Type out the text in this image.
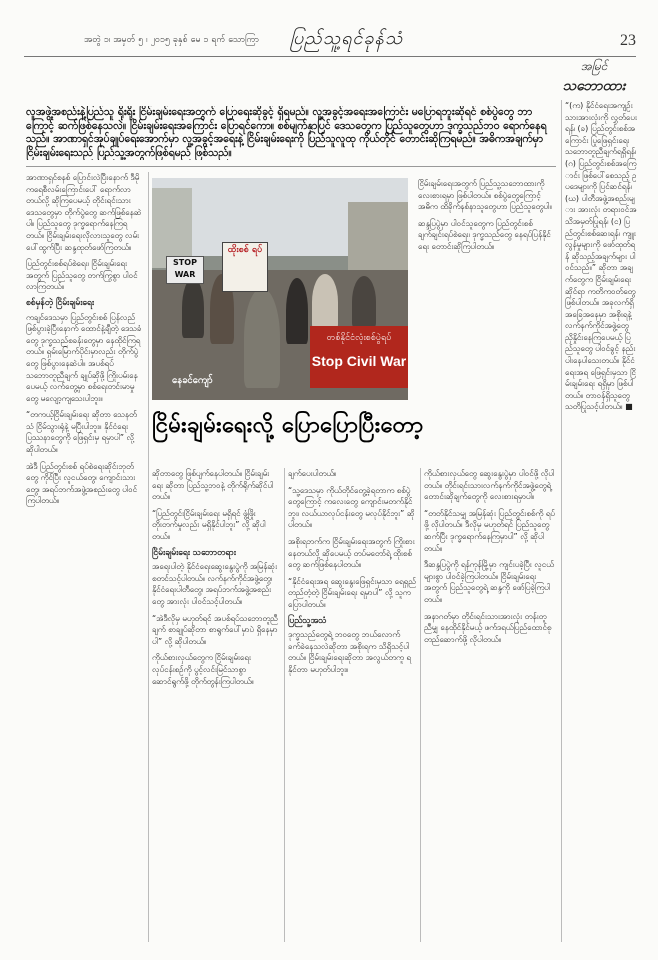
အတွဲ ၁၊ အမှတ် ၅ ၊ ၂၀၁၅ ခုနှစ် မေ ၁ ရက် သောကြာ ပြည်သူ့ရင်ခုန်သံ	23
အမြင်
သဘောထား
လူအဖွဲ့အစည်းနဲ့ပြည်သူ ရိုးရိုး ငြိမ်းချမ်းရေးအတွက် ပြောရေးဆိုခွင့် ရှိရမည်။ လူ့အခွင့်အရေးအကြောင်း မပြောရဘူးဆိုရင် စစ်ပွဲတွေ ဘာကြောင့် ဆက်ဖြစ်နေသလဲ။ ငြိမ်းချမ်းရေးအကြောင်း ပြောရင်ကော။ စစ်မျက်နှာပြင် ဒေသတွေက ပြည်သူတွေဟာ ဒုက္ခသည်ဘဝ ရောက်နေရသည်။ အာဏာရှင်အုပ်ချုပ်ရေးအောက်မှာ လူ့အခွင့်အရေးနဲ့ ငြိမ်းချမ်းရေးကို ပြည်သူလူထု ကိုယ်တိုင် တောင်းဆိုကြရမည်။ အဓိကအချက်မှာ ငြိမ်းချမ်းရေးသည် ပြည်သူ့အတွက်ဖြစ်ရမည် ဖြစ်သည်။

အာဏာရှင်စနစ် ပြောင်းလဲပြီးနောက် ဒီမိုကရေစီလမ်းကြောင်းပေါ် ရောက်လာတယ်လို့ ဆိုကြပေမယ့် တိုင်းရင်းသားဒေသတွေမှာ တိုက်ပွဲတွေ ဆက်ဖြစ်နေဆဲပါ။ ပြည်သူတွေ ဒုက္ခရောက်နေကြရတယ်။ ငြိမ်းချမ်းရေးလိုလားသူတွေ လမ်းပေါ်ထွက်ပြီး ဆန္ဒထုတ်ဖော်ကြတယ်။

ပြည်တွင်းစစ်ရပ်စဲရေး၊ ငြိမ်းချမ်းရေးအတွက် ပြည်သူတွေ တက်ကြွစွာ ပါဝင်လာကြတယ်။

စစ်မှန်တဲ့ ငြိမ်းချမ်းရေး

ကချင်ဒေသမှာ ပြည်တွင်းစစ် ပြန်လည်ဖြစ်ပွားခဲ့ပြီးနောက် ထောင်နဲ့ချီတဲ့ ဒေသခံတွေ ဒုက္ခသည်စခန်းတွေမှာ နေထိုင်ကြရတယ်။ ရှမ်းမြောက်ပိုင်းမှာလည်း တိုက်ပွဲတွေ ဖြစ်ပွားနေဆဲပါ။ အပစ်ရပ်သဘောတူညီချက် ချုပ်ဆိုဖို့ ကြိုးပမ်းနေပေမယ့် လက်တွေ့မှာ စစ်ရေးတင်းမာမှုတွေ မလျော့ကျသေးပါဘူး။

“တကယ့်ငြိမ်းချမ်းရေး ဆိုတာ သေနတ်သံ ငြိမ်သွားရုံနဲ့ မပြီးပါဘူး။ နိုင်ငံရေးပြဿနာတွေကို ဖြေရှင်းမှ ရမှာပါ” လို့ ဆိုပါတယ်။

အဲဒီ ပြည်တွင်းစစ် ရပ်စဲရေးဆိုင်းဘုတ်တွေ ကိုင်ပြီး လူငယ်တွေ၊ ကျောင်းသားတွေ၊ အရပ်ဘက်အဖွဲ့အစည်းတွေ ပါဝင်ကြပါတယ်။

ထိုးစစ် ရပ်
STOP WAR
တစ်နိုင်ငံလုံးစစ်ပွဲရပ်
Stop Civil War
နေခင်ကျော်

ငြိမ်းချမ်းရေးအတွက် ပြည်သူ့သဘောထားကို လေးစားရမှာ ဖြစ်ပါတယ်။ စစ်ပွဲတွေကြောင့် အဓိက ထိခိုက်နစ်နာသူတွေဟာ ပြည်သူတွေပါ။

ဆန္ဒပြပွဲမှာ ပါဝင်သူတွေက ပြည်တွင်းစစ် ချက်ချင်းရပ်စဲရေး၊ ဒုက္ခသည်တွေ နေရပ်ပြန်နိုင်ရေး တောင်းဆိုကြပါတယ်။

ငြိမ်းချမ်းရေးလို့ ပြောပြောပြီးတော့

ဆိုတာတွေ ဖြစ်ပျက်နေပါတယ်။ ငြိမ်းချမ်းရေး ဆိုတာ ပြည်သူ့ဘဝနဲ့ တိုက်ရိုက်ဆိုင်ပါတယ်။

“ပြည်တွင်းငြိမ်းချမ်းရေး မရှိရင် ဖွံ့ဖြိုးတိုးတက်မှုလည်း မရှိနိုင်ပါဘူး” လို့ ဆိုပါတယ်။

ငြိမ်းချမ်းရေး သဘောတရား

အရေးပါတဲ့ နိုင်ငံရေးဆွေးနွေးပွဲကို အမြန်ဆုံး စတင်သင့်ပါတယ်။ လက်နက်ကိုင်အဖွဲ့တွေ၊ နိုင်ငံရေးပါတီတွေ၊ အရပ်ဘက်အဖွဲ့အစည်းတွေ အားလုံး ပါဝင်သင့်ပါတယ်။

“အဲဒီလိုမှ မဟုတ်ရင် အပစ်ရပ်သဘောတူညီချက် စာချုပ်ဆိုတာ စာရွက်ပေါ်မှာပဲ ရှိနေမှာပါ” လို့ ဆိုပါတယ်။

ကိုယ်စားလှယ်တွေက ငြိမ်းချမ်းရေးလုပ်ငန်းစဉ်ကို ပွင့်လင်းမြင်သာစွာ ဆောင်ရွက်ဖို့ တိုက်တွန်းကြပါတယ်။

ချက်ပေးပါတယ်။

“သူ့ဒေသမှာ ကိုယ်တိုင်တွေ့ခဲ့ရတာက စစ်ပွဲတွေကြောင့် ကလေးတွေ ကျောင်းမတက်နိုင်ဘူး၊ လယ်ယာလုပ်ငန်းတွေ မလုပ်နိုင်ဘူး” ဆိုပါတယ်။

အစိုးရဘက်က ငြိမ်းချမ်းရေးအတွက် ကြိုးစားနေတယ်လို့ ဆိုပေမယ့် တပ်မတော်ရဲ့ ထိုးစစ်တွေ ဆက်ဖြစ်နေပါတယ်။

“နိုင်ငံရေးအရ ဆွေးနွေးဖြေရှင်းမှသာ ရေရှည်တည်တံ့တဲ့ ငြိမ်းချမ်းရေး ရမှာပါ” လို့ သူက ပြောပါတယ်။

ပြည်သူ့အသံ

ဒုက္ခသည်တွေရဲ့ ဘဝတွေ ဘယ်လောက်ခက်ခဲနေသလဲဆိုတာ အစိုးရက သိရှိသင့်ပါတယ်။ ငြိမ်းချမ်းရေးဆိုတာ အလွယ်တကူ ရနိုင်တာ မဟုတ်ပါဘူး။

ကိုယ်စားလှယ်တွေ ဆွေးနွေးပွဲမှာ ပါဝင်ဖို့ လိုပါတယ်။ တိုင်းရင်းသားလက်နက်ကိုင်အဖွဲ့တွေရဲ့ တောင်းဆိုချက်တွေကို လေးစားရမှာပါ။

“တတ်နိုင်သမျှ အမြန်ဆုံး ပြည်တွင်းစစ်ကို ရပ်ဖို့ လိုပါတယ်။ ဒီလိုမှ မဟုတ်ရင် ပြည်သူတွေ ဆက်ပြီး ဒုက္ခရောက်နေကြမှာပါ” လို့ ဆိုပါတယ်။

ဒီဆန္ဒပြပွဲကို ရန်ကုန်မြို့မှာ ကျင်းပခဲ့ပြီး လူငယ်များစွာ ပါဝင်ခဲ့ကြပါတယ်။ ငြိမ်းချမ်းရေးအတွက် ပြည်သူတွေရဲ့ ဆန္ဒကို ဖော်ပြခဲ့ကြပါတယ်။

အနာဂတ်မှာ တိုင်းရင်းသားအားလုံး တန်းတူညီမျှ နေထိုင်နိုင်မယ့် ဖက်ဒရယ်ပြည်ထောင်စု တည်ဆောက်ဖို့ လိုပါတယ်။

“(က) နိုင်ငံရေးအကျဉ်းသားအားလုံးကို လွှတ်ပေးရန်၊ (ခ) ပြည်တွင်းစစ်အကြောင်း ပြုဖြေရှင်းရေး သဘောတူညီချက်ရရှိရန်၊ (ဂ) ပြည်တွင်းစစ်အကြောင်း ဖြစ်ပေါ်စေသည့် ဥပဒေများကို ပြင်ဆင်ရန်၊ (ဃ) ပါတီအဖွဲ့အစည်းများ အားလုံး တရားဝင်အသိအမှတ်ပြုရန်၊ (င) ပြည်တွင်းစစ်ဆေးရန်၊ ကျူးလွန်မှုများကို ဖော်ထုတ်ရန် ဆိုသည့်အချက်များ ပါဝင်သည်။” ဆိုတာ အချက်တွေက ငြိမ်းချမ်းရေးဆိုင်ရာ ကတိကဝတ်တွေ ဖြစ်ပါတယ်။ အခုလက်ရှိအခြေအနေမှာ အစိုးရနဲ့ လက်နက်ကိုင်အဖွဲ့တွေ ညှိနှိုင်းနေကြပေမယ့် ပြည်သူတွေ ပါဝင်ခွင့် နည်းပါးနေပါသေးတယ်။ နိုင်ငံရေးအရ ဖြေရှင်းမှသာ ငြိမ်းချမ်းရေး ရရှိမှာ ဖြစ်ပါတယ်။ တာဝန်ရှိသူတွေ သတိပြုသင့်ပါတယ်။ ■
